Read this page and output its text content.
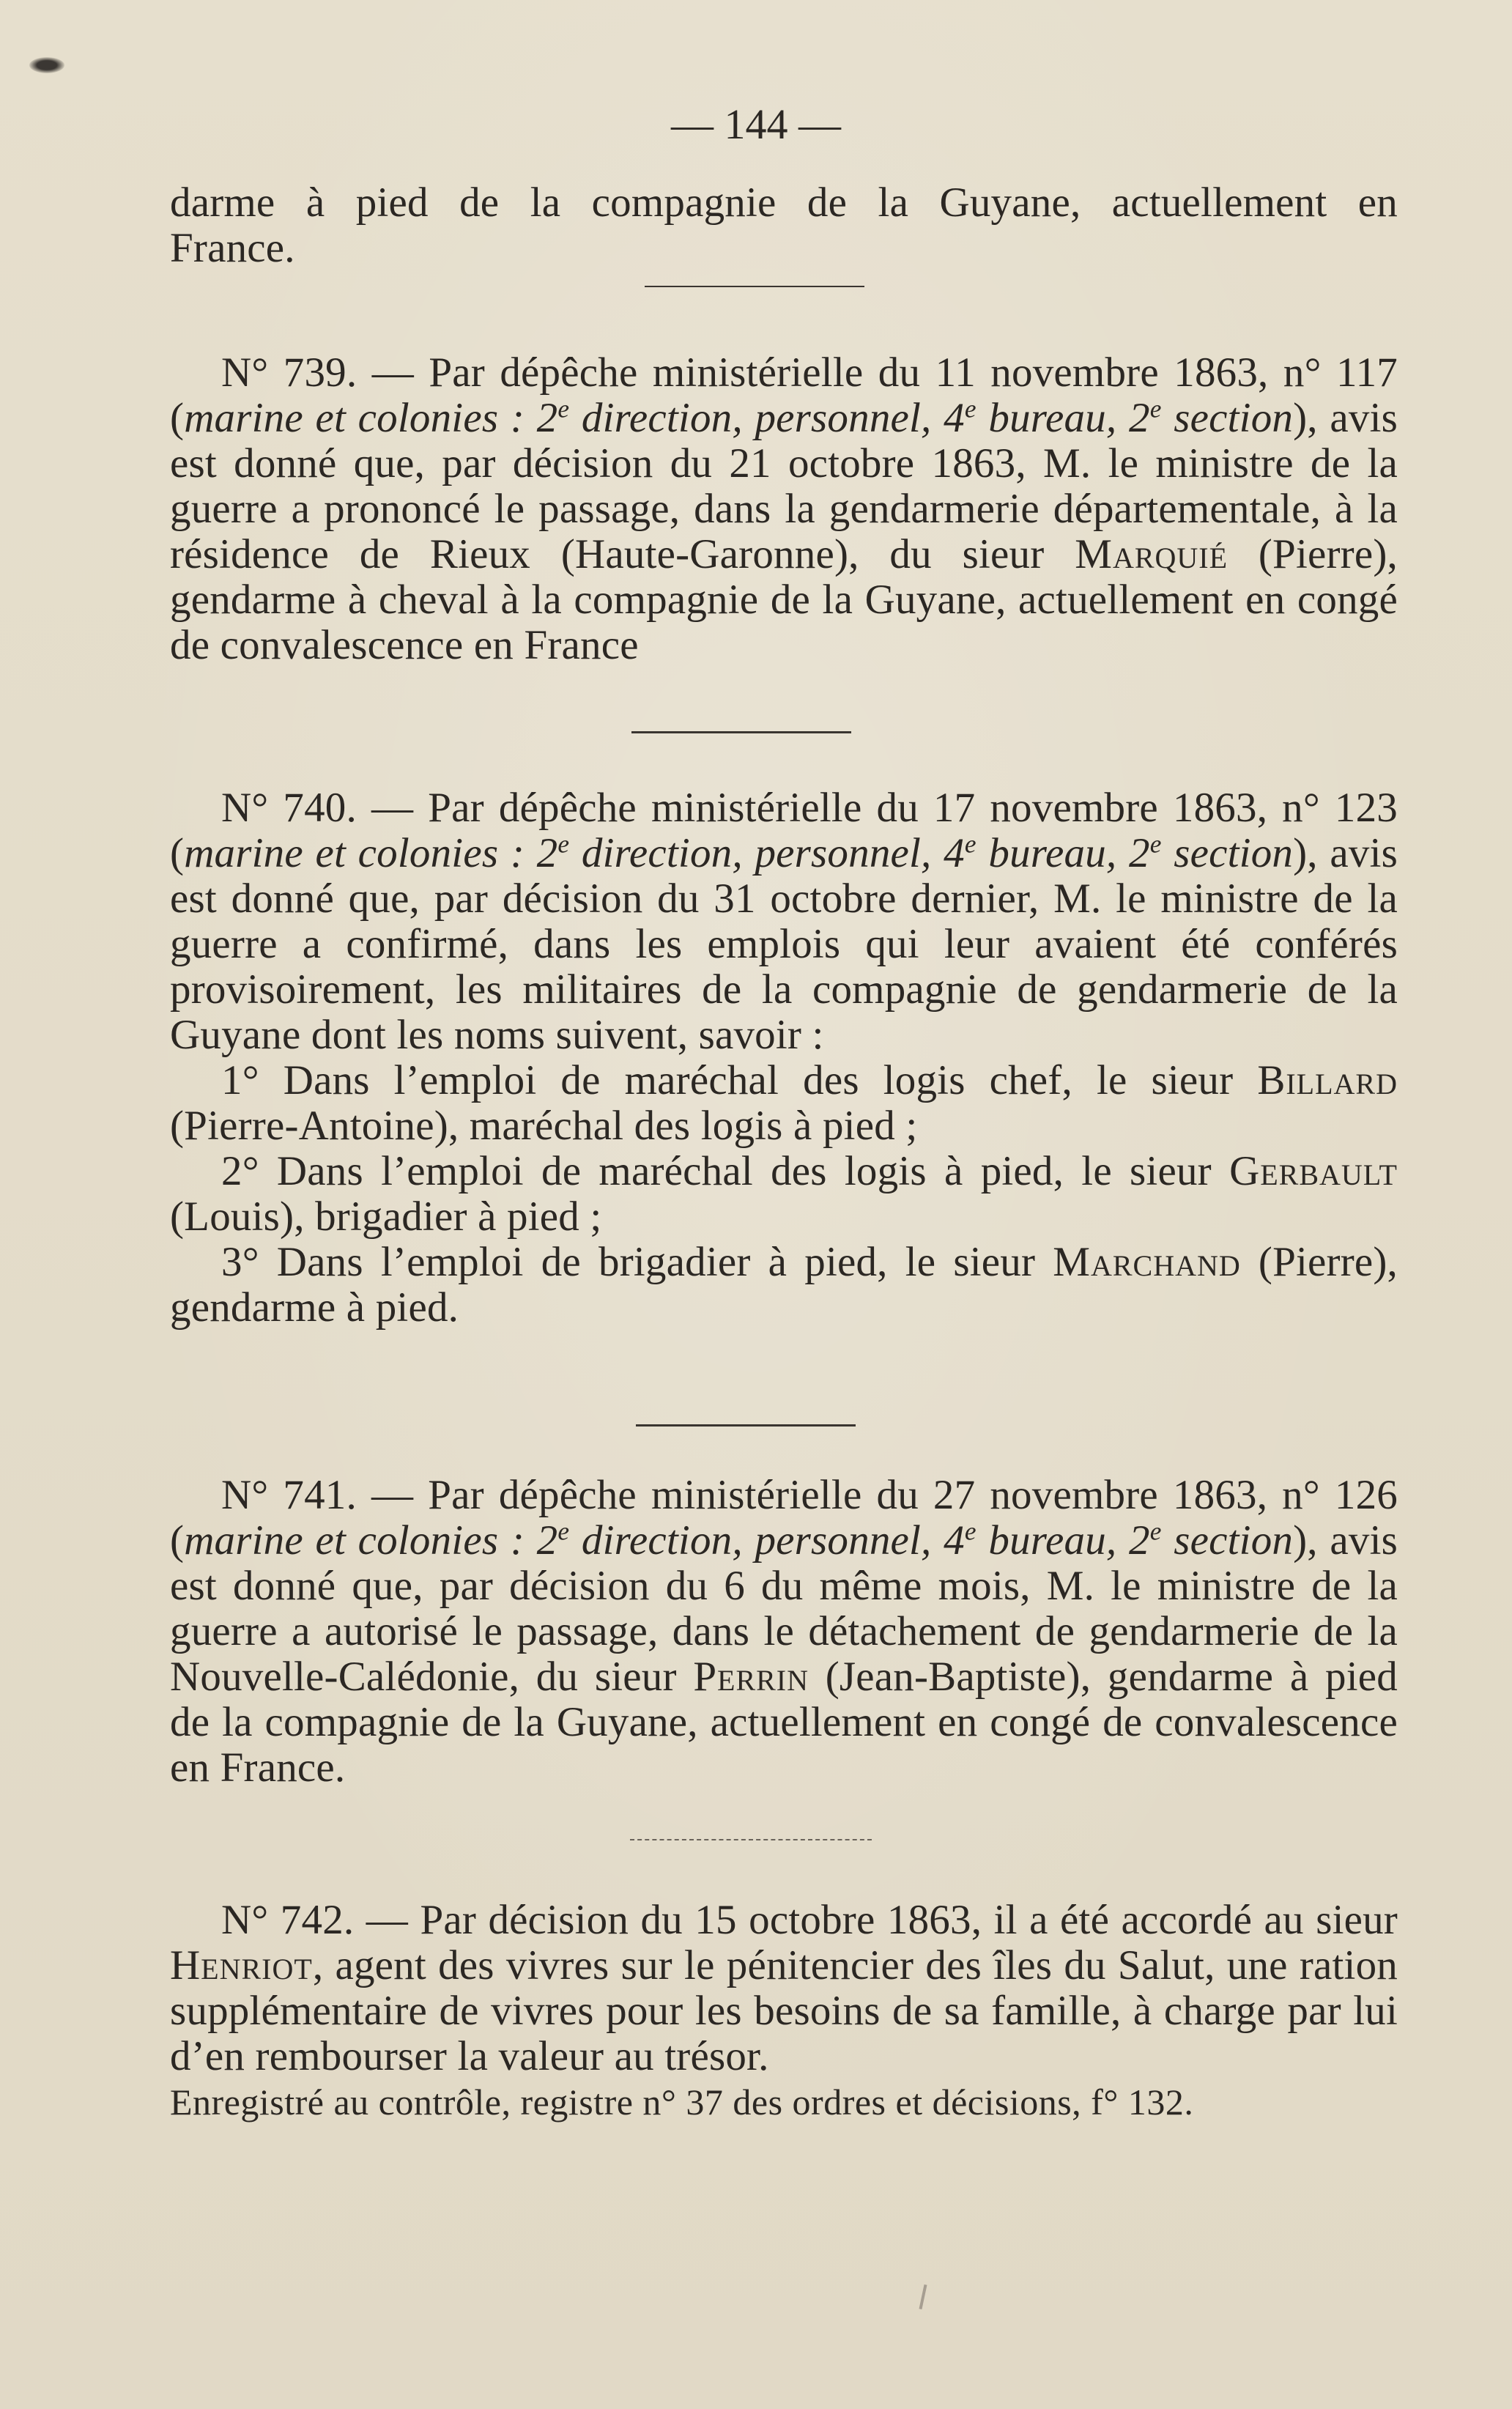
— 144 —
darme à pied de la compagnie de la Guyane, actuellement en
France.

N° 739. — Par dépêche ministérielle du 11 novembre 1863, n° 117 (marine et colonies : 2e direction, personnel, 4e bureau, 2e section), avis est donné que, par décision du 21 octobre 1863, M. le ministre de la guerre a prononcé le passage, dans la gendarmerie départementale, à la résidence de Rieux (Haute-Garonne), du sieur Marquié (Pierre), gendarme à cheval à la compagnie de la Guyane, actuellement en congé de convalescence en France

N° 740. — Par dépêche ministérielle du 17 novembre 1863, n° 123 (marine et colonies : 2e direction, personnel, 4e bureau, 2e section), avis est donné que, par décision du 31 octobre dernier, M. le ministre de la guerre a confirmé, dans les emplois qui leur avaient été conférés provisoirement, les militaires de la compagnie de gendarmerie de la Guyane dont les noms suivent, savoir :

1° Dans l’emploi de maréchal des logis chef, le sieur Billard (Pierre-Antoine), maréchal des logis à pied ;

2° Dans l’emploi de maréchal des logis à pied, le sieur Gerbault (Louis), brigadier à pied ;

3° Dans l’emploi de brigadier à pied, le sieur Marchand (Pierre), gendarme à pied.

N° 741. — Par dépêche ministérielle du 27 novembre 1863, n° 126 (marine et colonies : 2e direction, personnel, 4e bureau, 2e section), avis est donné que, par décision du 6 du même mois, M. le ministre de la guerre a autorisé le passage, dans le détachement de gendarmerie de la Nouvelle-Calédonie, du sieur Perrin (Jean-Baptiste), gendarme à pied de la compagnie de la Guyane, actuellement en congé de convalescence en France.

N° 742. — Par décision du 15 octobre 1863, il a été accordé au sieur Henriot, agent des vivres sur le pénitencier des îles du Salut, une ration supplémentaire de vivres pour les besoins de sa famille, à charge par lui d’en rembourser la valeur au trésor.

Enregistré au contrôle, registre n° 37 des ordres et décisions, f° 132.
